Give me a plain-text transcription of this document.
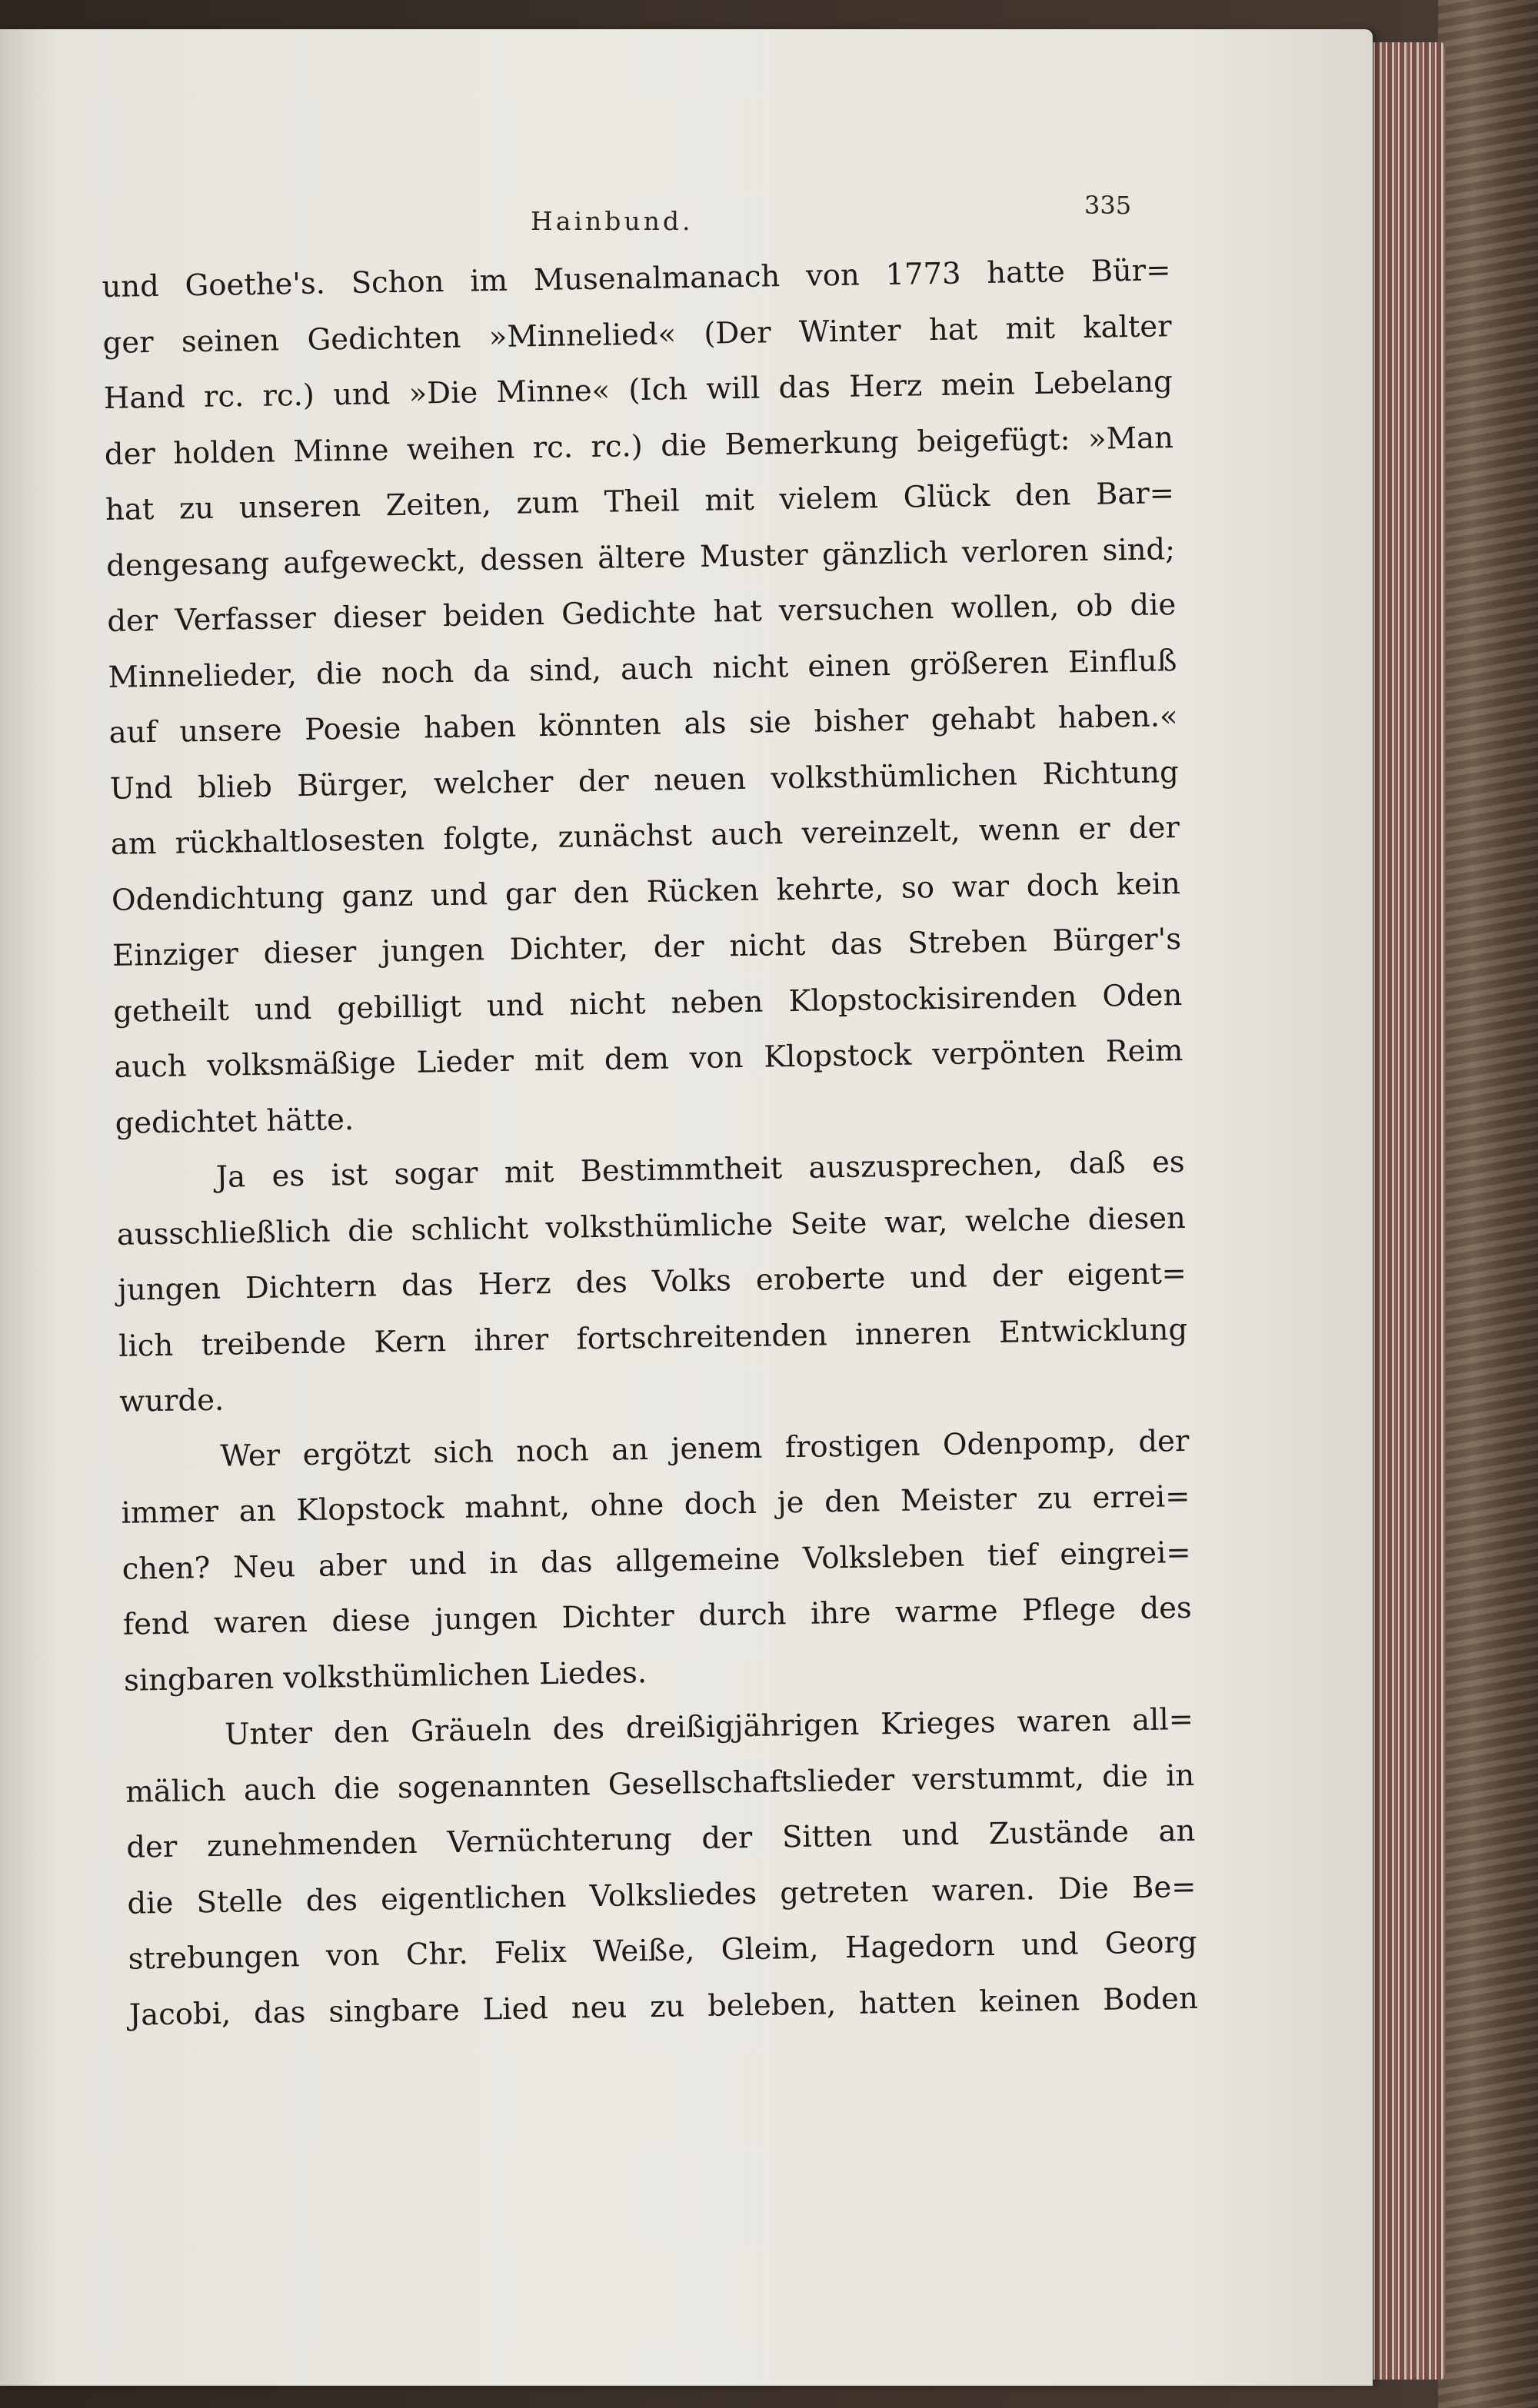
Hainbund.
335
und Goethe's. Schon im Musenalmanach von 1773 hatte Bür=
ger seinen Gedichten »Minnelied« (Der Winter hat mit kalter
Hand rc. rc.) und »Die Minne« (Ich will das Herz mein Lebelang
der holden Minne weihen rc. rc.) die Bemerkung beigefügt: »Man
hat zu unseren Zeiten, zum Theil mit vielem Glück den Bar=
dengesang aufgeweckt, dessen ältere Muster gänzlich verloren sind;
der Verfasser dieser beiden Gedichte hat versuchen wollen, ob die
Minnelieder, die noch da sind, auch nicht einen größeren Einfluß
auf unsere Poesie haben könnten als sie bisher gehabt haben.«
Und blieb Bürger, welcher der neuen volksthümlichen Richtung
am rückhaltlosesten folgte, zunächst auch vereinzelt, wenn er der
Odendichtung ganz und gar den Rücken kehrte, so war doch kein
Einziger dieser jungen Dichter, der nicht das Streben Bürger's
getheilt und gebilligt und nicht neben Klopstockisirenden Oden
auch volksmäßige Lieder mit dem von Klopstock verpönten Reim
gedichtet hätte.
Ja es ist sogar mit Bestimmtheit auszusprechen, daß es
ausschließlich die schlicht volksthümliche Seite war, welche diesen
jungen Dichtern das Herz des Volks eroberte und der eigent=
lich treibende Kern ihrer fortschreitenden inneren Entwicklung
wurde.
Wer ergötzt sich noch an jenem frostigen Odenpomp, der
immer an Klopstock mahnt, ohne doch je den Meister zu errei=
chen? Neu aber und in das allgemeine Volksleben tief eingrei=
fend waren diese jungen Dichter durch ihre warme Pflege des
singbaren volksthümlichen Liedes.
Unter den Gräueln des dreißigjährigen Krieges waren all=
mälich auch die sogenannten Gesellschaftslieder verstummt, die in
der zunehmenden Vernüchterung der Sitten und Zustände an
die Stelle des eigentlichen Volksliedes getreten waren. Die Be=
strebungen von Chr. Felix Weiße, Gleim, Hagedorn und Georg
Jacobi, das singbare Lied neu zu beleben, hatten keinen Boden
